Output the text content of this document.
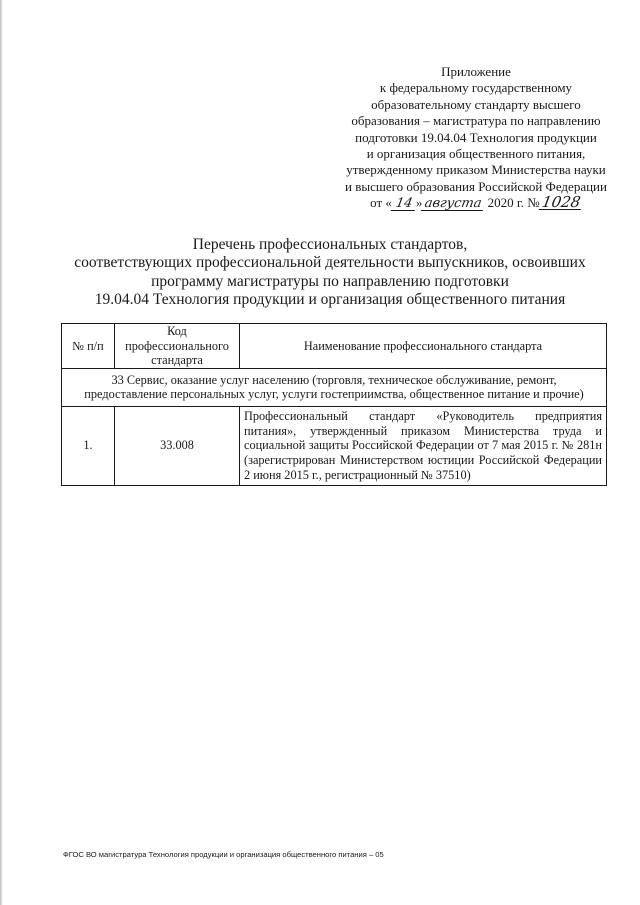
Приложение
к федеральному государственному
образовательному стандарту высшего
образования – магистратура по направлению
подготовки 19.04.04 Технология продукции
и организация общественного питания,
утвержденному приказом Министерства науки
и высшего образования Российской Федерации
от « 14 »августа 2020 г. №1028
Перечень профессиональных стандартов,
соответствующих профессиональной деятельности выпускников, освоивших
программу магистратуры по направлению подготовки
19.04.04 Технология продукции и организация общественного питания
№ п/п	Код профессионального стандарта	Наименование профессионального стандарта
33 Сервис, оказание услуг населению (торговля, техническое обслуживание, ремонт,
предоставление персональных услуг, услуги гостеприимства, общественное питание и прочие)		
1.	33.008	Профессиональный стандарт «Руководитель предприятия питания», утвержденный приказом Министерства труда и социальной защиты Российской Федерации от 7 мая 2015 г. № 281н (зарегистрирован Министерством юстиции Российской Федерации 2 июня 2015 г., регистрационный № 37510)
ФГОС ВО магистратура Технология продукции и организация общественного питания – 05
